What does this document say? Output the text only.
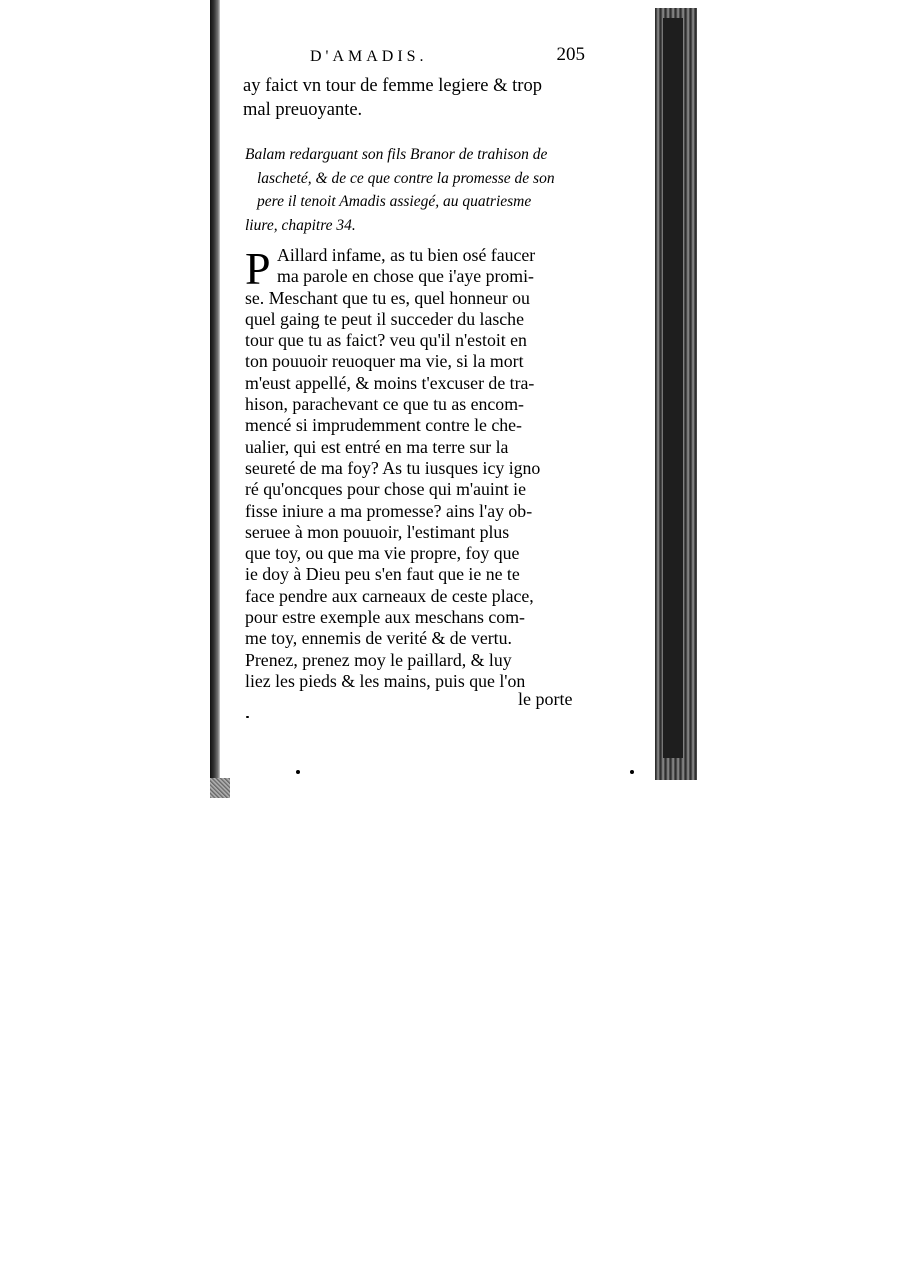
D'AMADIS.	205
ay faict vn tour de femme legiere & trop
mal preuoyante.
Balam redarguant son fils Branor de trahison de
lascheté, & de ce que contre la promesse de son
pere il tenoit Amadis assiegé, au quatriesme
liure, chapitre 34.
P Aillard infame, as tu bien osé faucer
ma parole en chose que i'aye promi-
se. Meschant que tu es, quel honneur ou
quel gaing te peut il succeder du lasche
tour que tu as faict? veu qu'il n'estoit en
ton pouuoir reuoquer ma vie, si la mort
m'eust appellé, & moins t'excuser de tra-
hison, parachevant ce que tu as encom-
mencé si imprudemment contre le che-
ualier, qui est entré en ma terre sur la
seureté de ma foy? As tu iusques icy igno
ré qu'oncques pour chose qui m'auint ie
fisse iniure a ma promesse? ains l'ay ob-
seruee à mon pouuoir, l'estimant plus
que toy, ou que ma vie propre, foy que
ie doy à Dieu peu s'en faut que ie ne te
face pendre aux carneaux de ceste place,
pour estre exemple aux meschans com-
me toy, ennemis de verité & de vertu.
Prenez, prenez moy le paillard, & luy
liez les pieds & les mains, puis que l'on
le porte
